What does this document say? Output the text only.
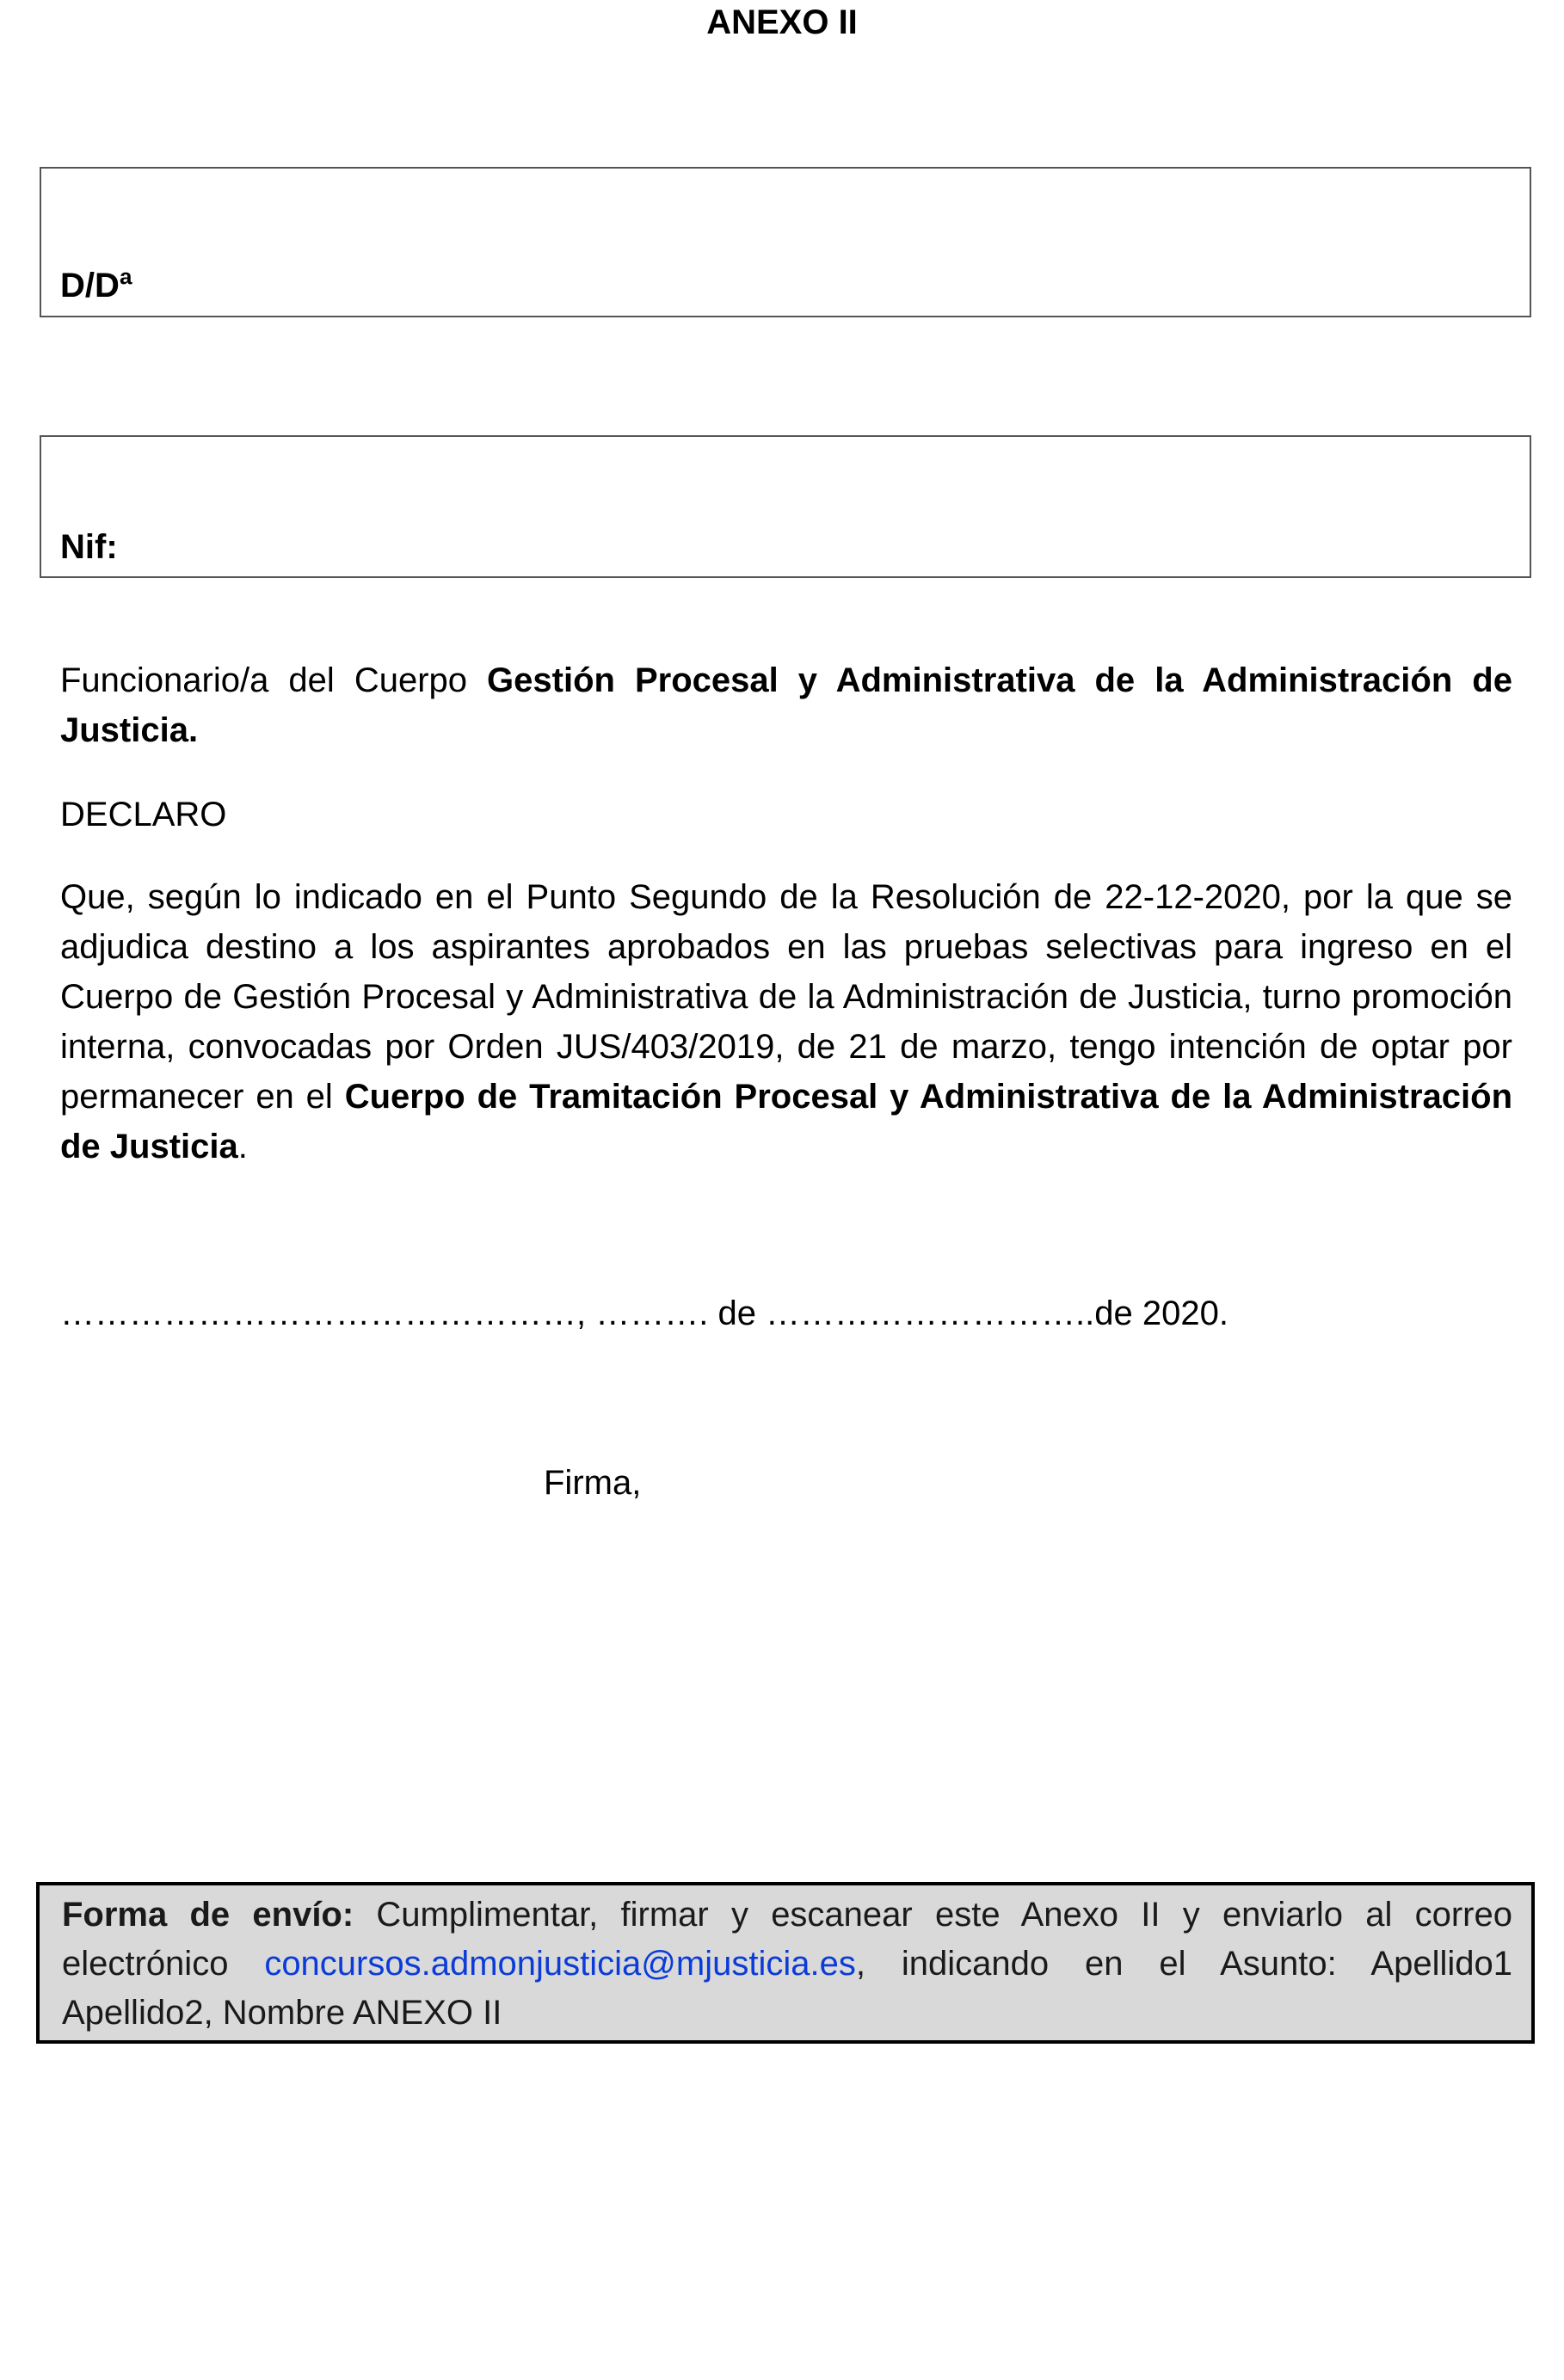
ANEXO II
D/Dª
Nif:

Funcionario/a del Cuerpo Gestión Procesal y Administrativa de la Administración de Justicia.

DECLARO

Que, según lo indicado en el Punto Segundo de la Resolución de 22-12-2020, por la que se adjudica destino a los aspirantes aprobados en las pruebas selectivas para ingreso en el Cuerpo de Gestión Procesal y Administrativa de la Administración de Justicia, turno promoción interna, convocadas por Orden JUS/403/2019, de 21 de marzo, tengo intención de optar por permanecer en el Cuerpo de Tramitación Procesal y Administrativa de la Administración de Justicia.

………………………………………, ………. de ………………………..de 2020.

Firma,

Forma de envío: Cumplimentar, firmar y escanear este Anexo II y enviarlo al correo electrónico concursos.admonjusticia@mjusticia.es, indicando en el Asunto: Apellido1 Apellido2, Nombre ANEXO II
